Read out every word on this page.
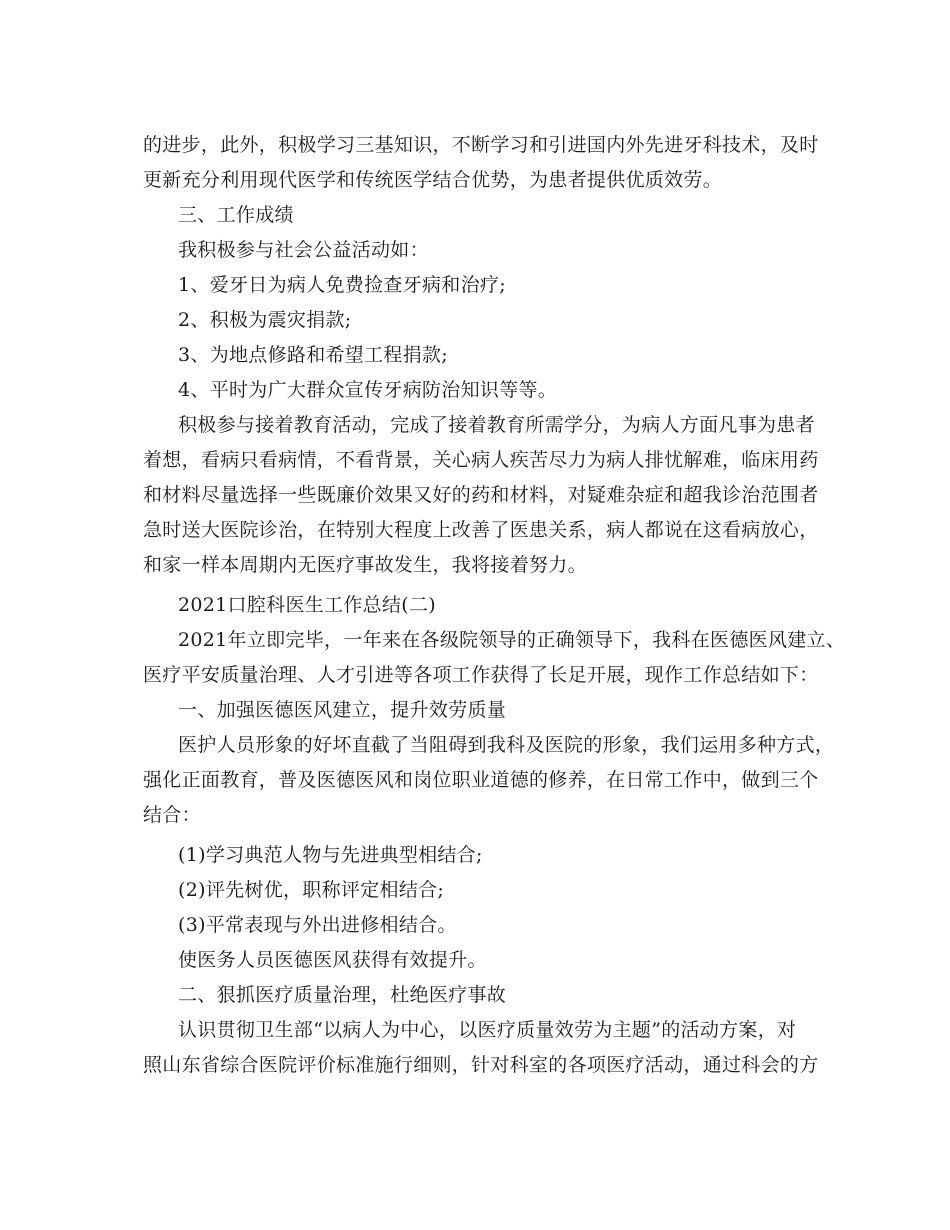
的进步，此外，积极学习三基知识，不断学习和引进国内外先进牙科技术，及时
更新充分利用现代医学和传统医学结合优势，为患者提供优质效劳。
三、工作成绩
我积极参与社会公益活动如：
1、爱牙日为病人免费捡查牙病和治疗;
2、积极为震灾捐款;
3、为地点修路和希望工程捐款;
4、平时为广大群众宣传牙病防治知识等等。
积极参与接着教育活动，完成了接着教育所需学分，为病人方面凡事为患者
着想，看病只看病情，不看背景，关心病人疾苦尽力为病人排忧解难，临床用药
和材料尽量选择一些既廉价效果又好的药和材料，对疑难杂症和超我诊治范围者
急时送大医院诊治，在特别大程度上改善了医患关系，病人都说在这看病放心，
和家一样本周期内无医疗事故发生，我将接着努力。
2021口腔科医生工作总结(二)
2021年立即完毕，一年来在各级院领导的正确领导下，我科在医德医风建立、
医疗平安质量治理、人才引进等各项工作获得了长足开展，现作工作总结如下：
一、加强医德医风建立，提升效劳质量
医护人员形象的好坏直截了当阻碍到我科及医院的形象，我们运用多种方式，
强化正面教育，普及医德医风和岗位职业道德的修养，在日常工作中，做到三个
结合：
(1)学习典范人物与先进典型相结合;
(2)评先树优，职称评定相结合;
(3)平常表现与外出进修相结合。
使医务人员医德医风获得有效提升。
二、狠抓医疗质量治理，杜绝医疗事故
认识贯彻卫生部“以病人为中心，以医疗质量效劳为主题”的活动方案，对
照山东省综合医院评价标准施行细则，针对科室的各项医疗活动，通过科会的方
